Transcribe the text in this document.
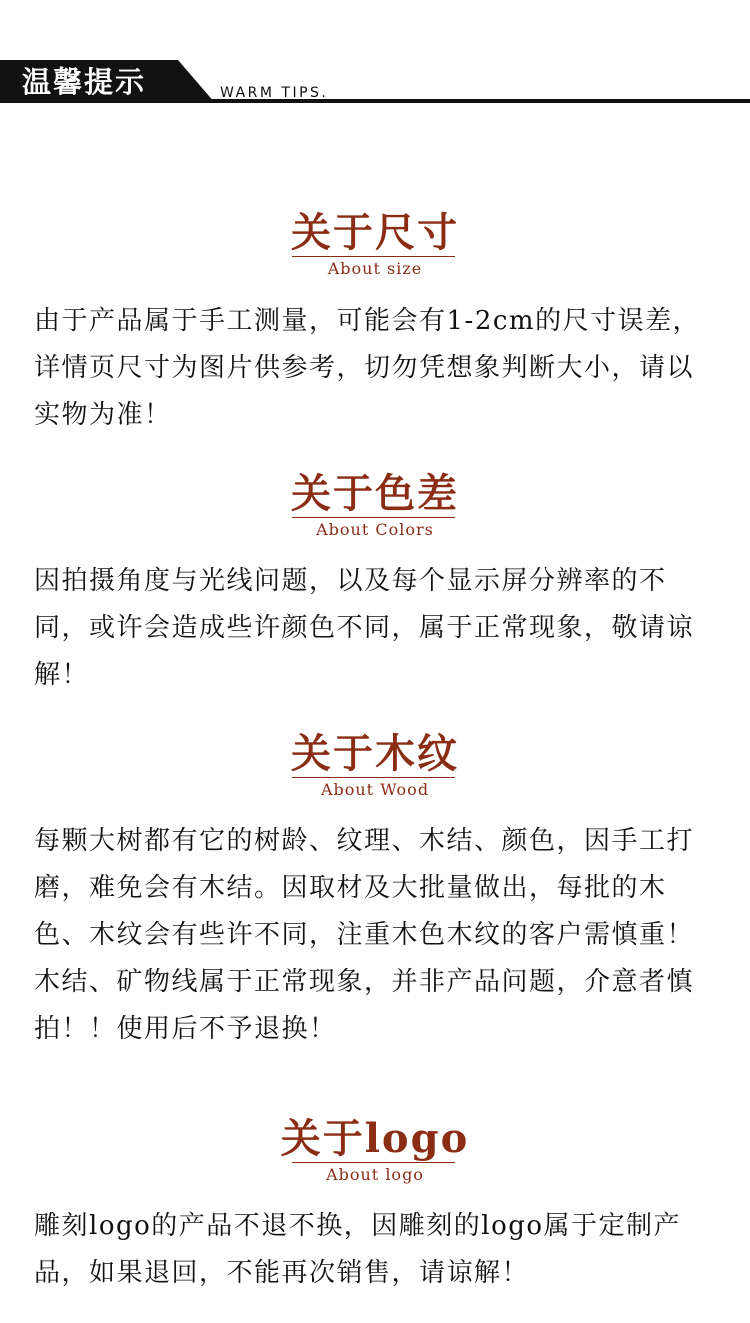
温馨提示	WARM TIPS.
关于尺寸
About size
由于产品属于手工测量，可能会有1-2cm的尺寸误差，详情页尺寸为图片供参考，切勿凭想象判断大小，请以实物为准！
关于色差
About Colors
因拍摄角度与光线问题，以及每个显示屏分辨率的不同，或许会造成些许颜色不同，属于正常现象，敬请谅解！
关于木纹
About Wood
每颗大树都有它的树龄、纹理、木结、颜色，因手工打磨，难免会有木结。因取材及大批量做出，每批的木色、木纹会有些许不同，注重木色木纹的客户需慎重！木结、矿物线属于正常现象，并非产品问题，介意者慎拍！！使用后不予退换！
关于logo
About logo
雕刻logo的产品不退不换，因雕刻的logo属于定制产品，如果退回，不能再次销售，请谅解！
